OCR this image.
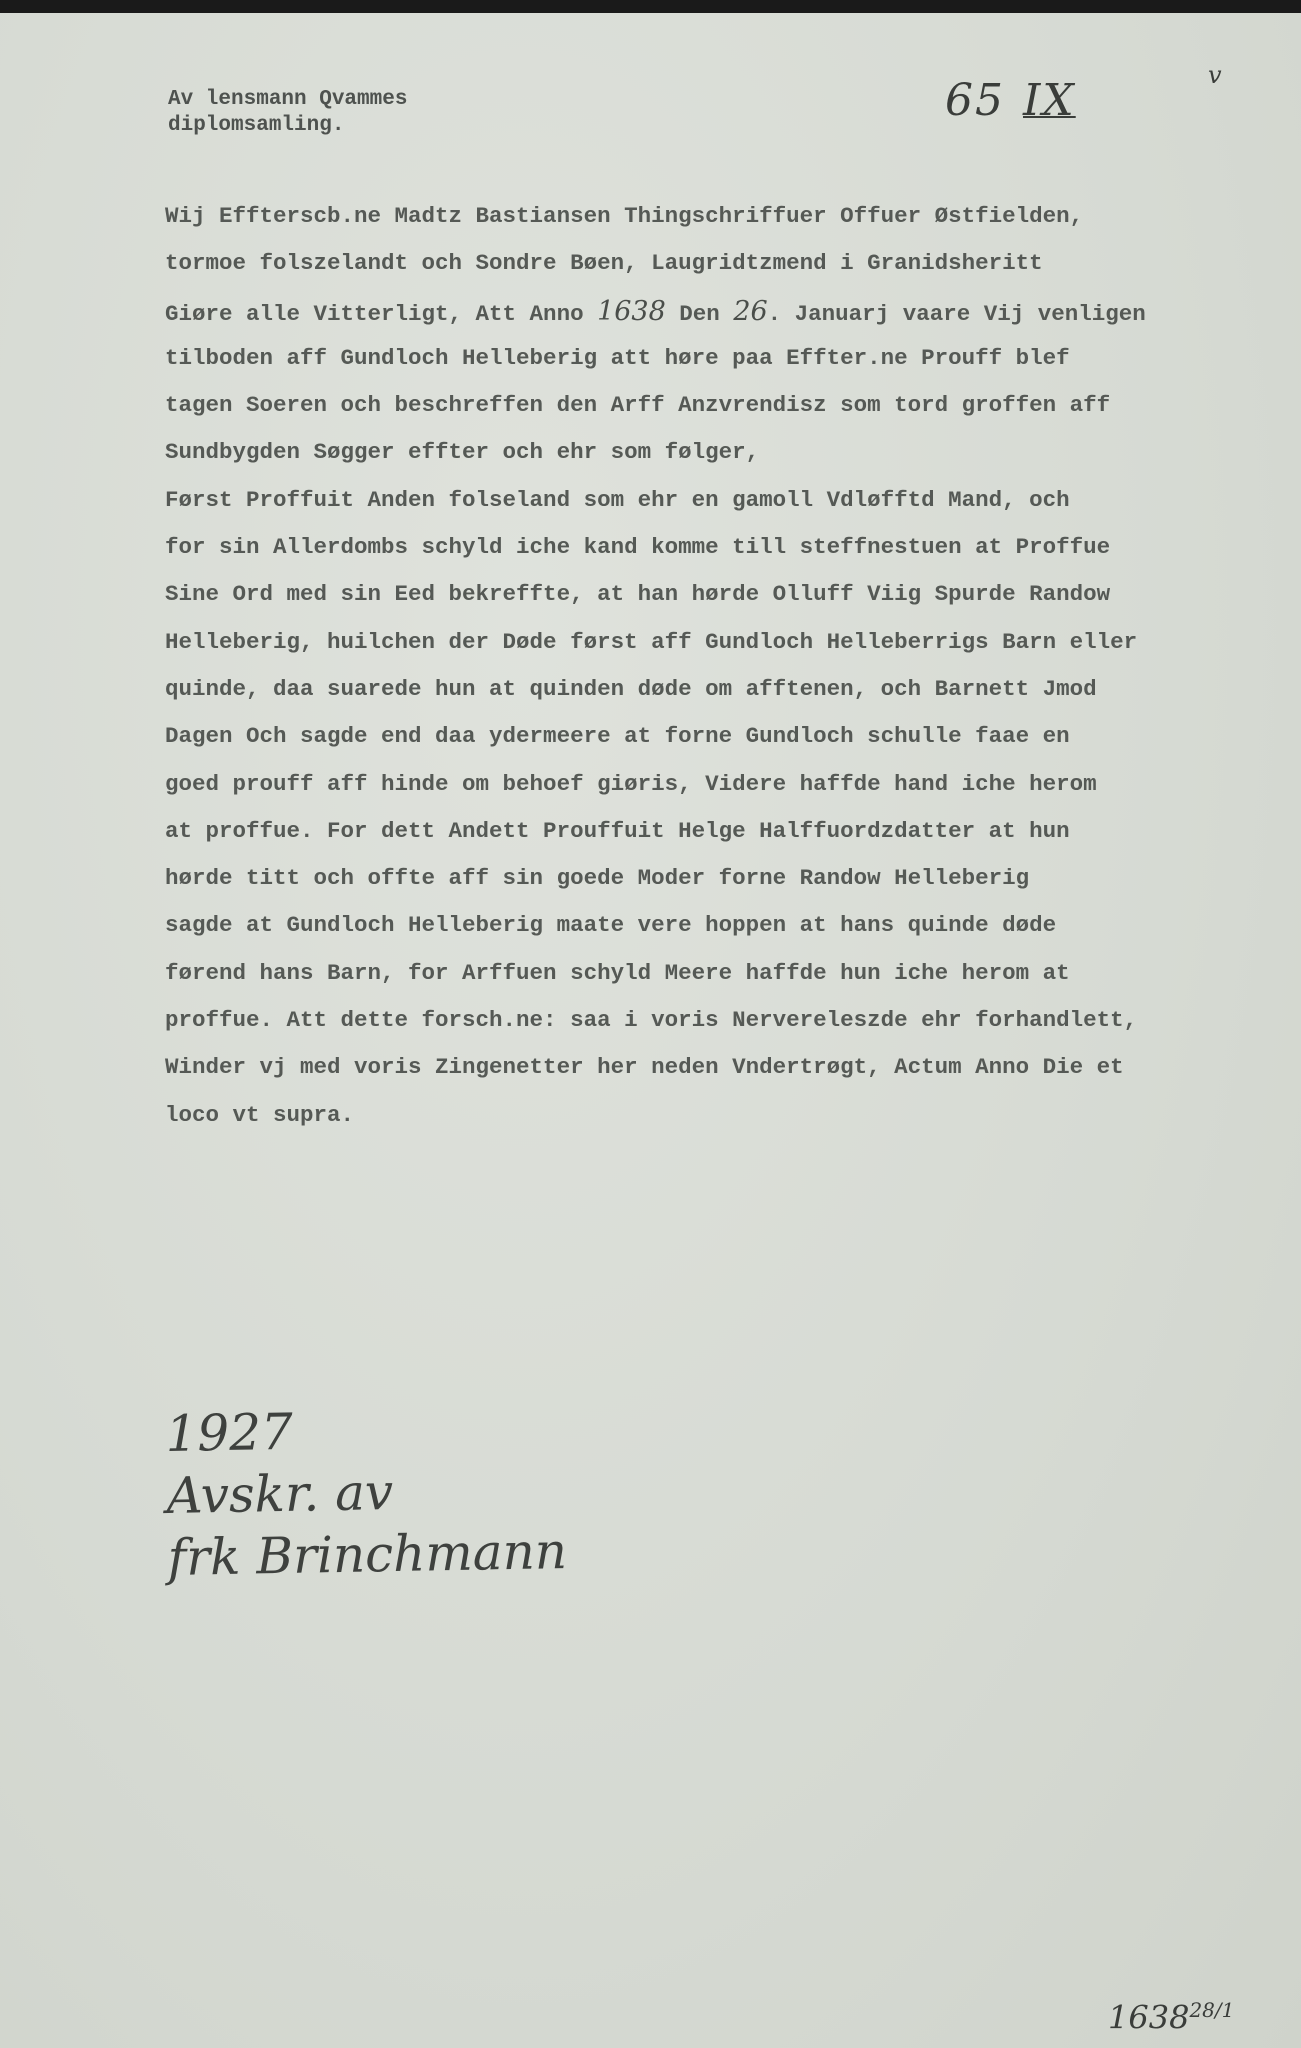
Av lensmann Qvammes
diplomsamling.	65 IX	v
Wij Effterscb.ne Madtz Bastiansen Thingschriffuer Offuer Østfielden,
tormoe folszelandt och Sondre Bøen, Laugridtzmend i Granidsheritt
Giøre alle Vitterligt, Att Anno 1638 Den 26. Januarj vaare Vij venligen
tilboden aff Gundloch Helleberig att høre paa Effter.ne Prouff blef
tagen Soeren och beschreffen den Arff Anzvrendisz som tord groffen aff
Sundbygden Søgger effter och ehr som følger,
Først Proffuit Anden folseland som ehr en gamoll Vdløfftd Mand, och
for sin Allerdombs schyld iche kand komme till steffnestuen at Proffue
Sine Ord med sin Eed bekreffte, at han hørde Olluff Viig Spurde Randow
Helleberig, huilchen der Døde først aff Gundloch Helleberrigs Barn eller
quinde, daa suarede hun at quinden døde om afftenen, och Barnett Jmod
Dagen Och sagde end daa ydermeere at forne Gundloch schulle faae en
goed prouff aff hinde om behoef giøris, Videre haffde hand iche herom
at proffue. For dett Andett Prouffuit Helge Halffuordzdatter at hun
hørde titt och offte aff sin goede Moder forne Randow Helleberig
sagde at Gundloch Helleberig maate vere hoppen at hans quinde døde
førend hans Barn, for Arffuen schyld Meere haffde hun iche herom at
proffue. Att dette forsch.ne: saa i voris Nervereleszde ehr forhandlett,
Winder vj med voris Zingenetter her neden Vndertrøgt, Actum Anno Die et
loco vt supra.
1927
Avskr. av
frk Brinchmann
$1638^{28/1}$
